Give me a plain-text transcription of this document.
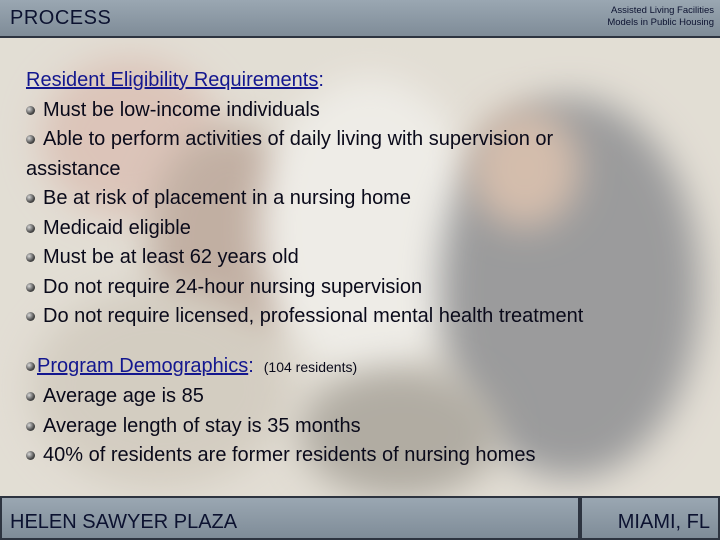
PROCESS	Assisted Living Facilities
Models in Public Housing
Resident Eligibility Requirements:
Must be low-income individuals
Able to perform activities of daily living with supervision or
assistance
Be at risk of placement in a nursing home
Medicaid eligible
Must be at least 62 years old
Do not require 24-hour nursing supervision
Do not require licensed, professional mental health treatment
Program Demographics: (104 residents)
Average age is 85
Average length of stay is 35 months
40% of residents are former residents of nursing homes
HELEN SAWYER PLAZA	MIAMI, FL
